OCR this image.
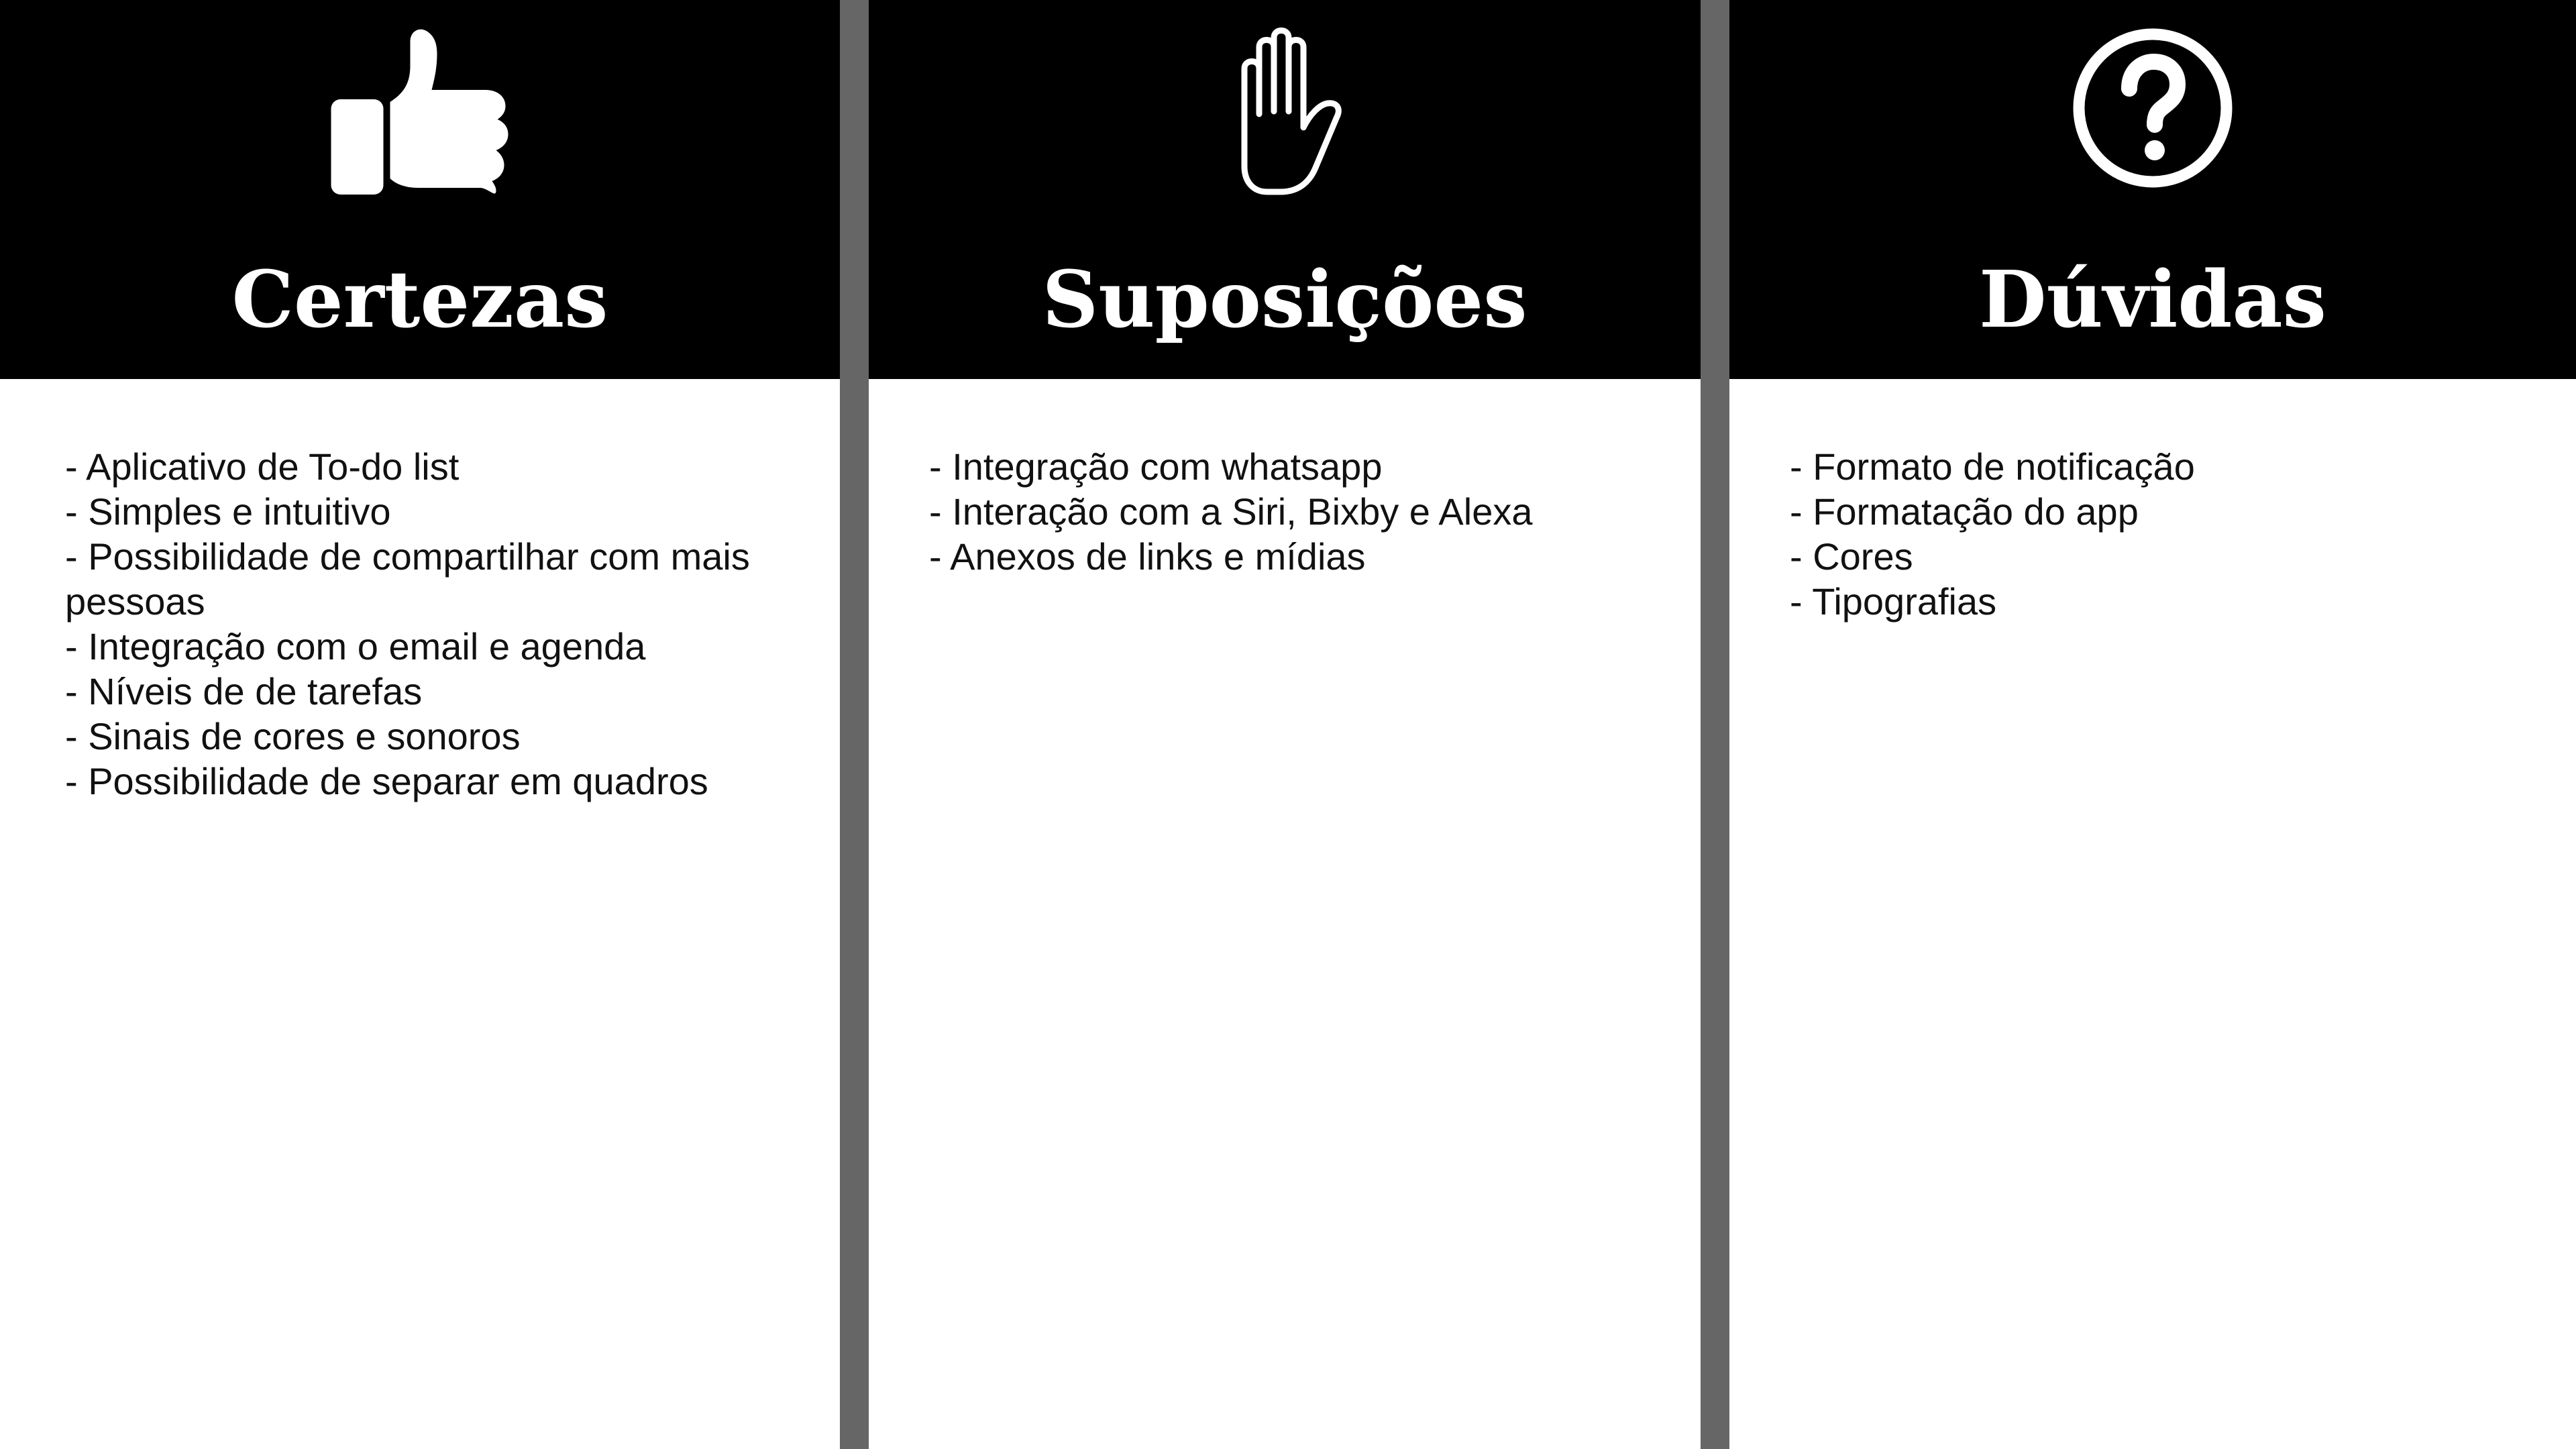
Certezas
- Aplicativo de To-do list
- Simples e intuitivo
- Possibilidade de compartilhar com mais pessoas
- Integração com o email e agenda
- Níveis de de tarefas
- Sinais de cores e sonoros
- Possibilidade de separar em quadros
Suposições
- Integração com whatsapp
- Interação com a Siri, Bixby e Alexa
- Anexos de links e mídias
Dúvidas
- Formato de notificação
- Formatação do app
- Cores
- Tipografias
